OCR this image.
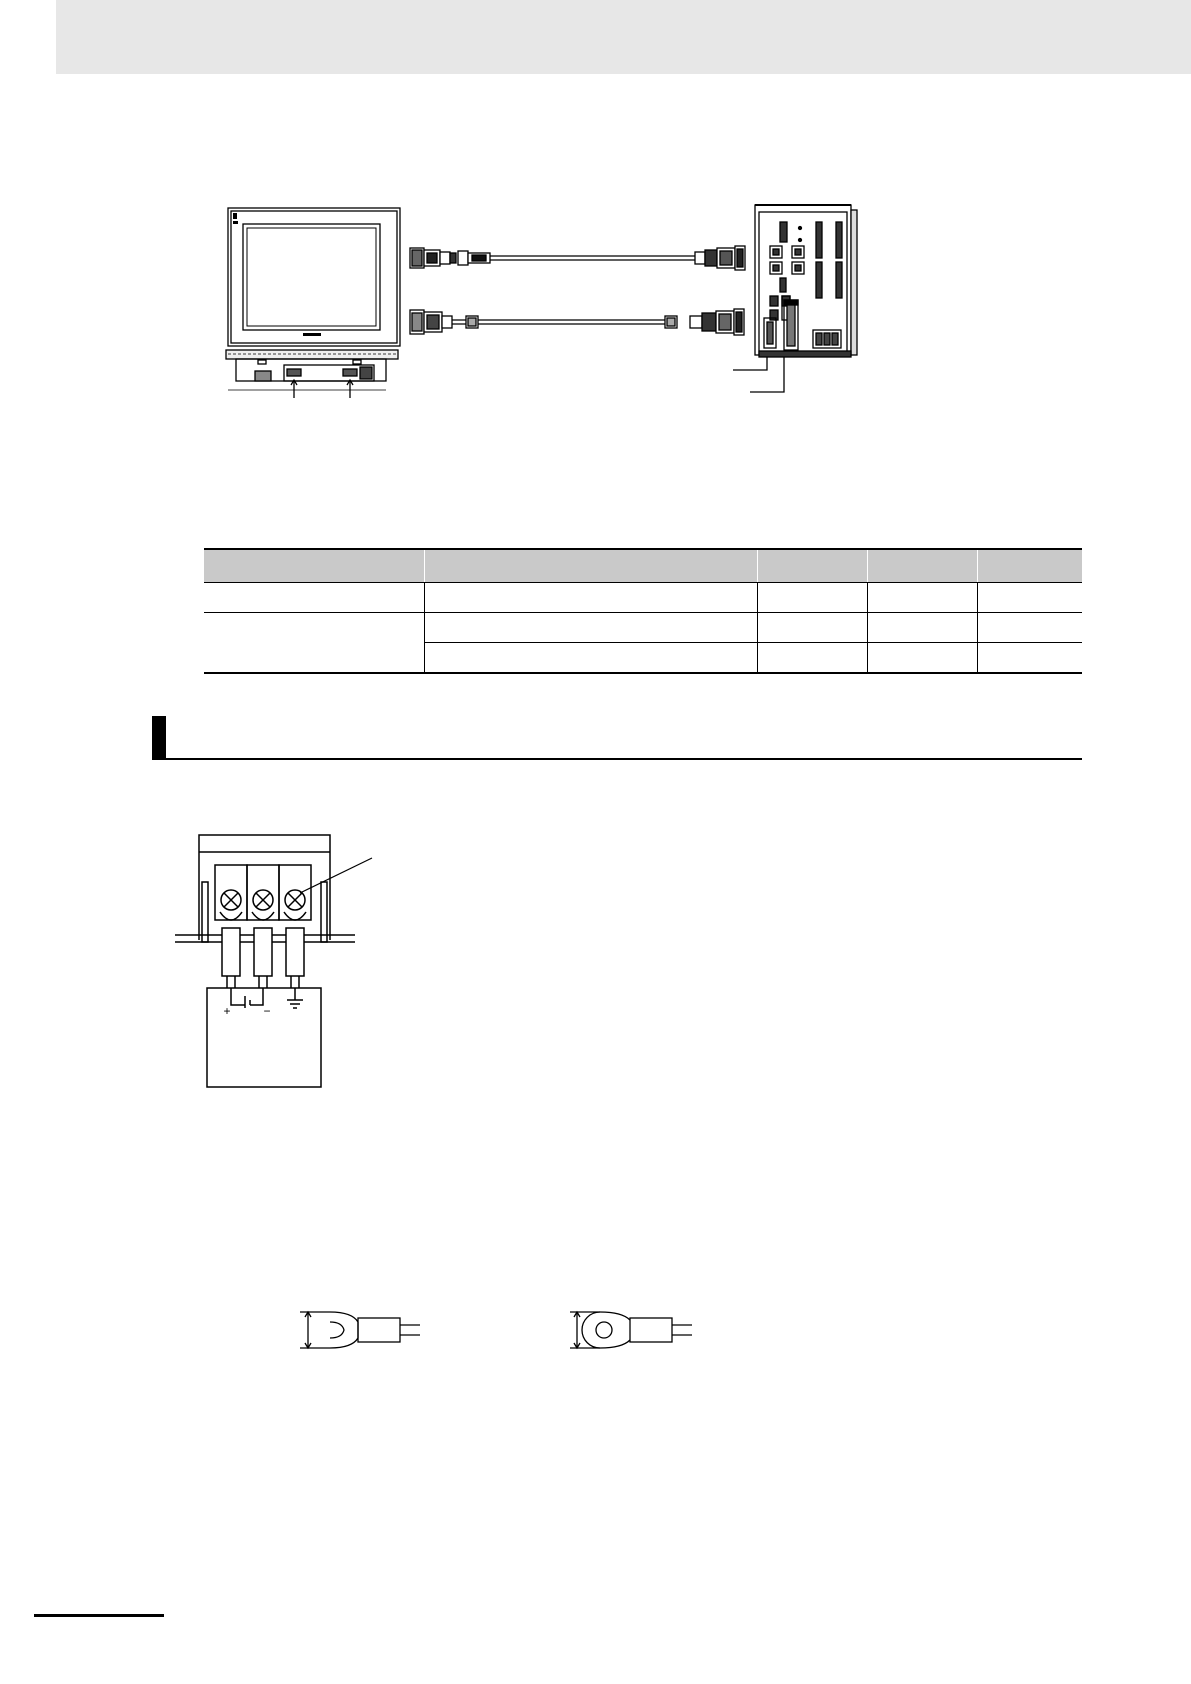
+	−
